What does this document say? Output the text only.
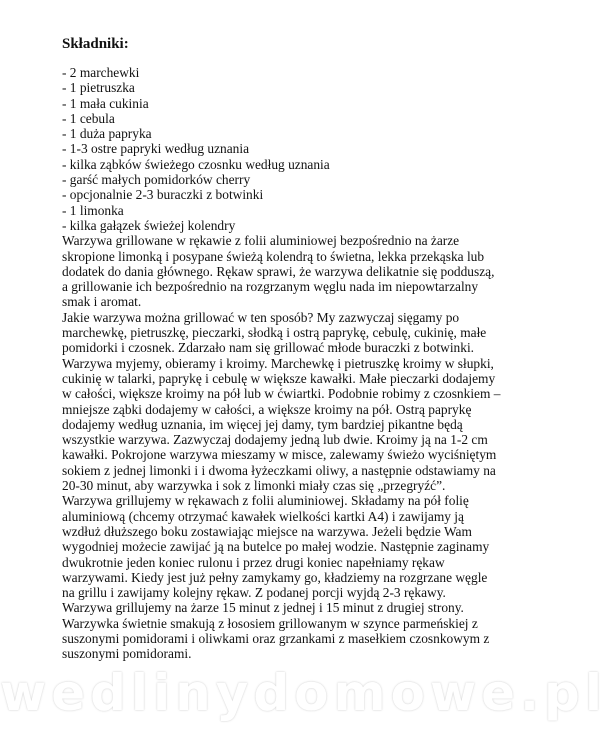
Składniki:

- 2 marchewki
- 1 pietruszka
- 1 mała cukinia
- 1 cebula
- 1 duża papryka
- 1-3 ostre papryki według uznania
- kilka ząbków świeżego czosnku według uznania
- garść małych pomidorków cherry
- opcjonalnie 2-3 buraczki z botwinki
- 1 limonka
- kilka gałązek świeżej kolendry

Warzywa grillowane w rękawie z folii aluminiowej bezpośrednio na żarze skropione limonką i posypane świeżą kolendrą to świetna, lekka przekąska lub dodatek do dania głównego. Rękaw sprawi, że warzywa delikatnie się podduszą, a grillowanie ich bezpośrednio na rozgrzanym węglu nada im niepowtarzalny smak i aromat.

Jakie warzywa można grillować w ten sposób? My zazwyczaj sięgamy po marchewkę, pietruszkę, pieczarki, słodką i ostrą paprykę, cebulę, cukinię, małe pomidorki i czosnek. Zdarzało nam się grillować młode buraczki z botwinki.

Warzywa myjemy, obieramy i kroimy. Marchewkę i pietruszkę kroimy w słupki, cukinię w talarki, paprykę i cebulę w większe kawałki. Małe pieczarki dodajemy w całości, większe kroimy na pół lub w ćwiartki. Podobnie robimy z czosnkiem – mniejsze ząbki dodajemy w całości, a większe kroimy na pół. Ostrą paprykę dodajemy według uznania, im więcej jej damy, tym bardziej pikantne będą wszystkie warzywa. Zazwyczaj dodajemy jedną lub dwie. Kroimy ją na 1-2 cm kawałki. Pokrojone warzywa mieszamy w misce, zalewamy świeżo wyciśniętym sokiem z jednej limonki i i dwoma łyżeczkami oliwy, a następnie odstawiamy na 20-30 minut, aby warzywka i sok z limonki miały czas się „przegryźć”.

Warzywa grillujemy w rękawach z folii aluminiowej. Składamy na pół folię aluminiową (chcemy otrzymać kawałek wielkości kartki A4) i zawijamy ją wzdłuż dłuższego boku zostawiając miejsce na warzywa. Jeżeli będzie Wam wygodniej możecie zawijać ją na butelce po małej wodzie. Następnie zaginamy dwukrotnie jeden koniec rulonu i przez drugi koniec napełniamy rękaw warzywami. Kiedy jest już pełny zamykamy go, kładziemy na rozgrzane węgle na grillu i zawijamy kolejny rękaw. Z podanej porcji wyjdą 2-3 rękawy.

Warzywa grillujemy na żarze 15 minut z jednej i 15 minut z drugiej strony.

Warzywka świetnie smakują z łososiem grillowanym w szynce parmeńskiej z suszonymi pomidorami i oliwkami oraz grzankami z masełkiem czosnkowym z suszonymi pomidorami.

wedlinydomowe.pl
